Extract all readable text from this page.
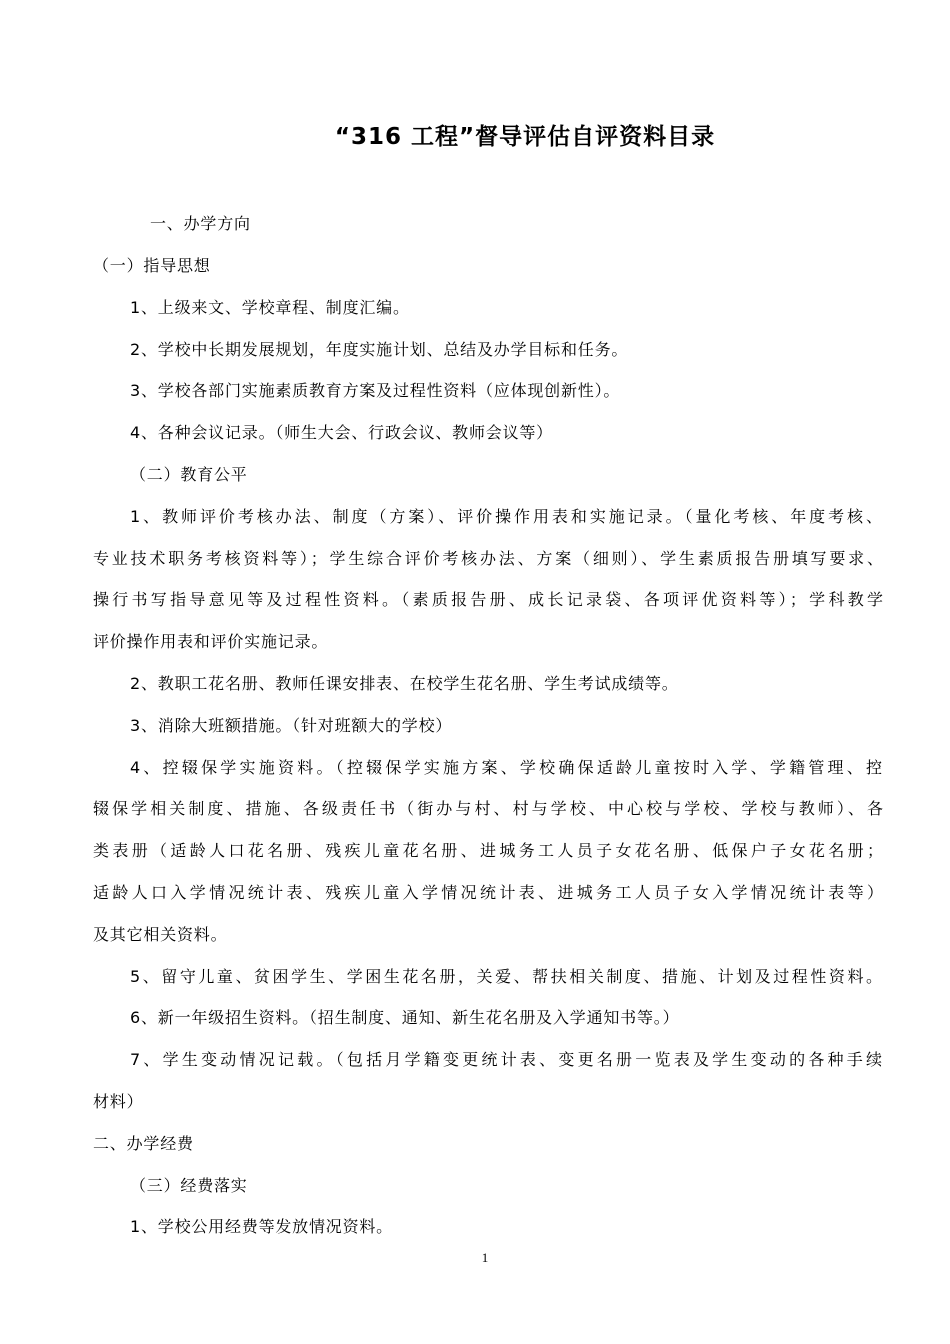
“316 工程”督导评估自评资料目录
一、办学方向
（一）指导思想
1、上级来文、学校章程、制度汇编。
2、学校中长期发展规划，年度实施计划、总结及办学目标和任务。
3、学校各部门实施素质教育方案及过程性资料（应体现创新性）。
4、各种会议记录。（师生大会、行政会议、教师会议等）
（二）教育公平
1、教师评价考核办法、制度（方案）、评价操作用表和实施记录。（量化考核、年度考核、
专业技术职务考核资料等）；学生综合评价考核办法、方案（细则）、学生素质报告册填写要求、
操行书写指导意见等及过程性资料。（素质报告册、成长记录袋、各项评优资料等）；学科教学
评价操作用表和评价实施记录。
2、教职工花名册、教师任课安排表、在校学生花名册、学生考试成绩等。
3、消除大班额措施。（针对班额大的学校）
4、控辍保学实施资料。（控辍保学实施方案、学校确保适龄儿童按时入学、学籍管理、控
辍保学相关制度、措施、各级责任书（街办与村、村与学校、中心校与学校、学校与教师）、各
类表册（适龄人口花名册、残疾儿童花名册、进城务工人员子女花名册、低保户子女花名册；
适龄人口入学情况统计表、残疾儿童入学情况统计表、进城务工人员子女入学情况统计表等）
及其它相关资料。
5、留守儿童、贫困学生、学困生花名册，关爱、帮扶相关制度、措施、计划及过程性资料。
6、新一年级招生资料。（招生制度、通知、新生花名册及入学通知书等。）
7、学生变动情况记载。（包括月学籍变更统计表、变更名册一览表及学生变动的各种手续
材料）
二、办学经费
（三）经费落实
1、学校公用经费等发放情况资料。
1
